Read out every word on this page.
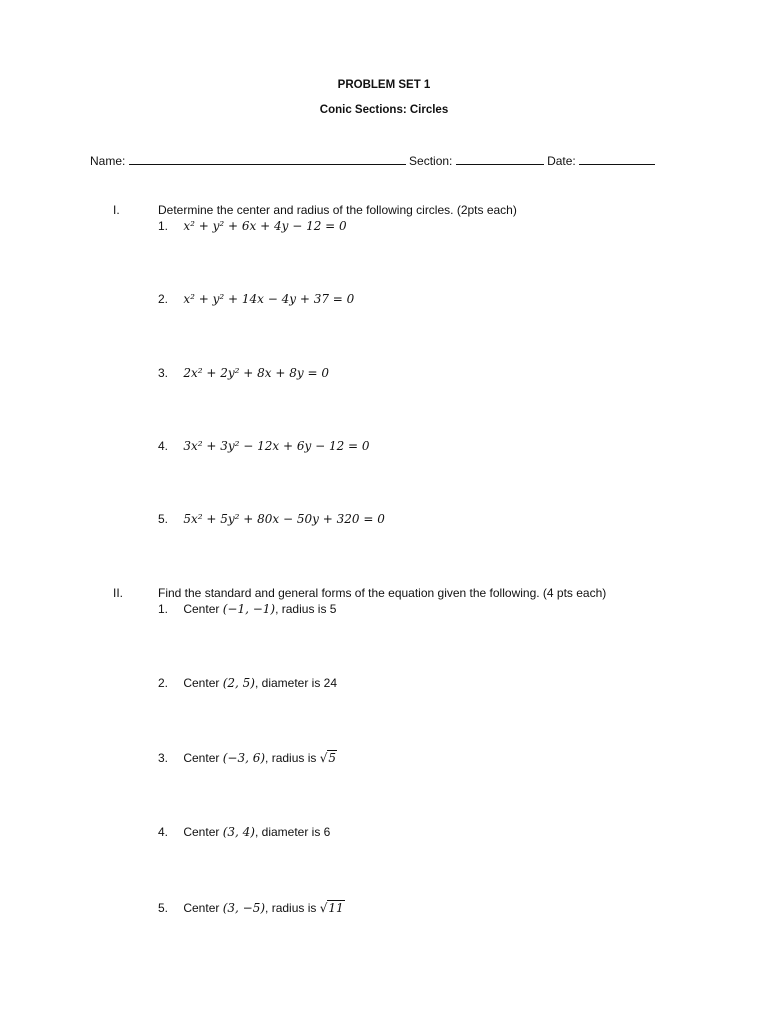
PROBLEM SET 1
Conic Sections: Circles
Name:	Section:	Date:
I.	Determine the center and radius of the following circles. (2pts each)
1. x² + y² + 6x + 4y − 12 = 0
2. x² + y² + 14x − 4y + 37 = 0
3. 2x² + 2y² + 8x + 8y = 0
4. 3x² + 3y² − 12x + 6y − 12 = 0
5. 5x² + 5y² + 80x − 50y + 320 = 0
II.	Find the standard and general forms of the equation given the following. (4 pts each)
1. Center (−1, −1), radius is 5
2. Center (2, 5), diameter is 24
3. Center (−3, 6), radius is √5
4. Center (3, 4), diameter is 6
5. Center (3, −5), radius is √11
